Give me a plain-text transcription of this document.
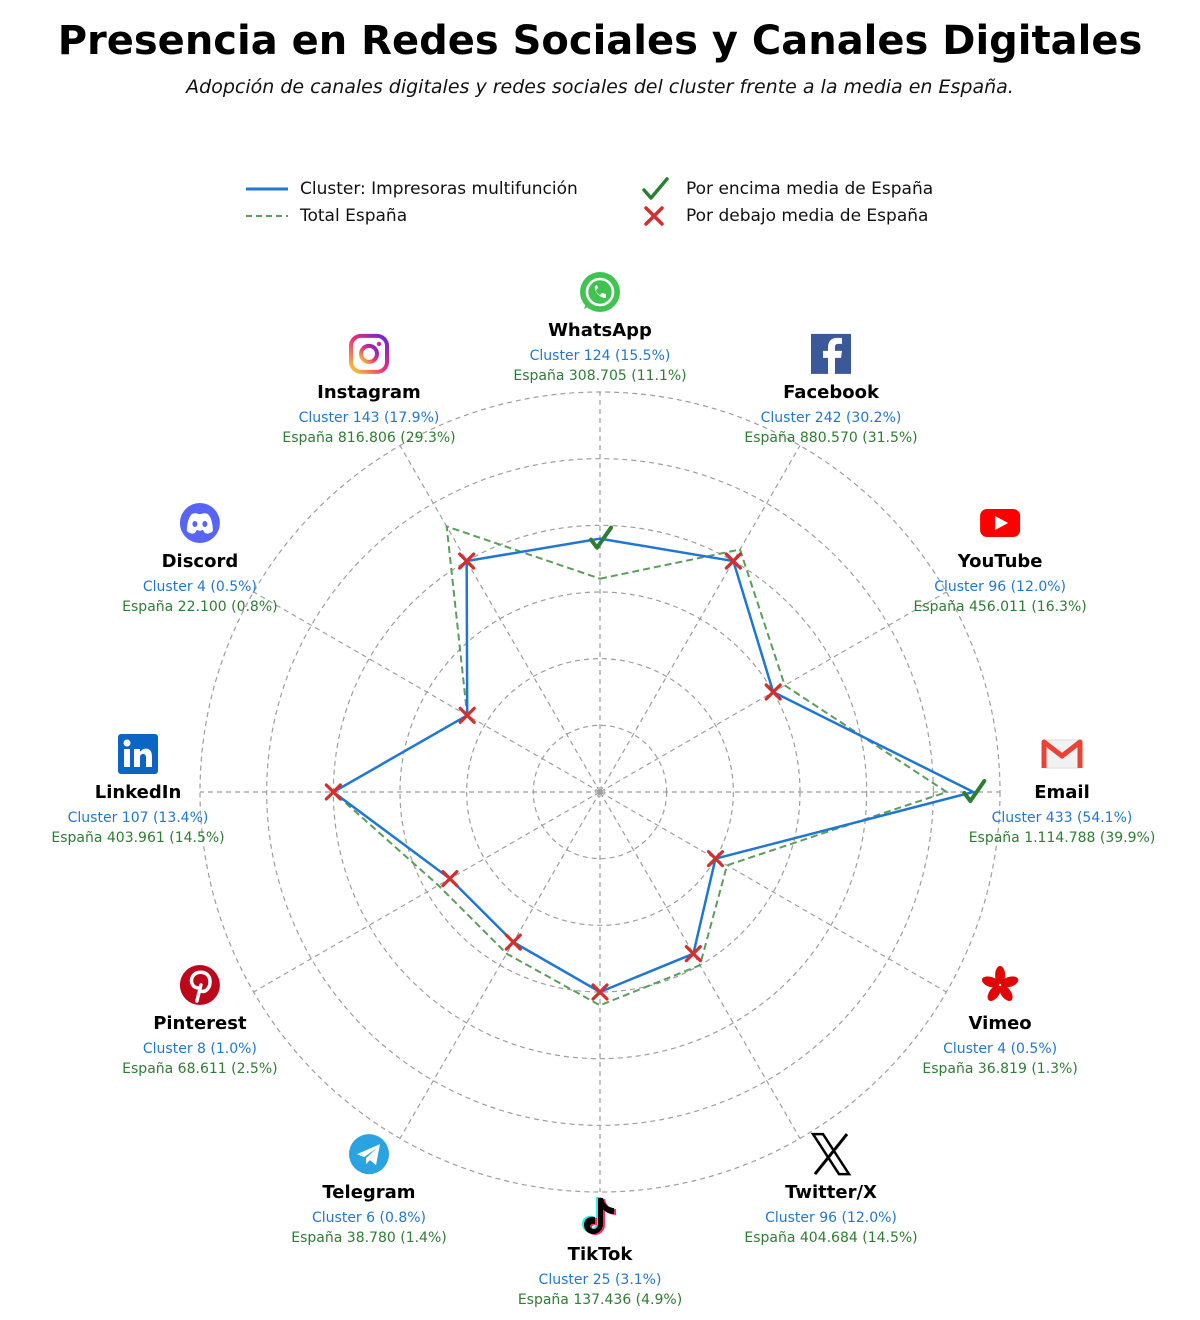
Presencia en Redes Sociales y Canales Digitales
Adopción de canales digitales y redes sociales del cluster frente a la media en España.
Cluster: Impresoras multifunción
Total España
Por encima media de España
Por debajo media de España
WhatsApp
Cluster 124 (15.5%)
España 308.705 (11.1%)
Facebook
Cluster 242 (30.2%)
España 880.570 (31.5%)
YouTube
Cluster 96 (12.0%)
España 456.011 (16.3%)
Email
Cluster 433 (54.1%)
España 1.114.788 (39.9%)
Vimeo
Cluster 4 (0.5%)
España 36.819 (1.3%)
Twitter/X
Cluster 96 (12.0%)
España 404.684 (14.5%)
TikTok
Cluster 25 (3.1%)
España 137.436 (4.9%)
Telegram
Cluster 6 (0.8%)
España 38.780 (1.4%)
Pinterest
Cluster 8 (1.0%)
España 68.611 (2.5%)
LinkedIn
Cluster 107 (13.4%)
España 403.961 (14.5%)
Discord
Cluster 4 (0.5%)
España 22.100 (0.8%)
Instagram
Cluster 143 (17.9%)
España 816.806 (29.3%)
